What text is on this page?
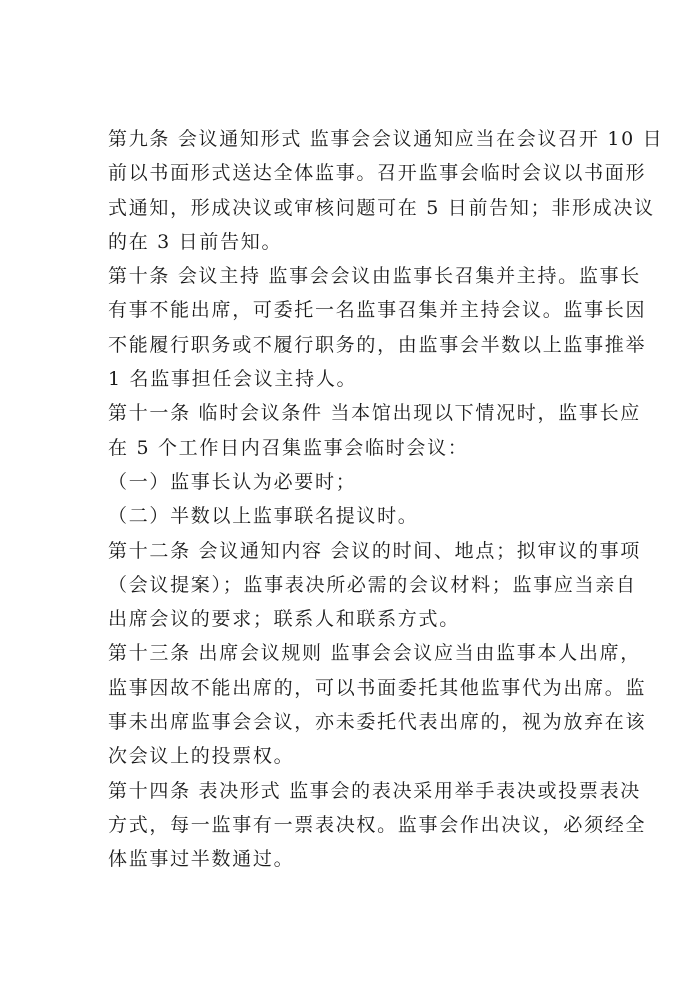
第九条 会议通知形式 监事会会议通知应当在会议召开 10 日
前以书面形式送达全体监事。召开监事会临时会议以书面形
式通知，形成决议或审核问题可在 5 日前告知；非形成决议
的在 3 日前告知。
第十条 会议主持 监事会会议由监事长召集并主持。监事长
有事不能出席，可委托一名监事召集并主持会议。监事长因
不能履行职务或不履行职务的，由监事会半数以上监事推举
1 名监事担任会议主持人。
第十一条 临时会议条件 当本馆出现以下情况时，监事长应
在 5 个工作日内召集监事会临时会议：
（一）监事长认为必要时；
（二）半数以上监事联名提议时。
第十二条 会议通知内容 会议的时间、地点；拟审议的事项
（会议提案）；监事表决所必需的会议材料；监事应当亲自
出席会议的要求；联系人和联系方式。
第十三条 出席会议规则 监事会会议应当由监事本人出席，
监事因故不能出席的，可以书面委托其他监事代为出席。监
事未出席监事会会议，亦未委托代表出席的，视为放弃在该
次会议上的投票权。
第十四条 表决形式 监事会的表决采用举手表决或投票表决
方式，每一监事有一票表决权。监事会作出决议，必须经全
体监事过半数通过。
